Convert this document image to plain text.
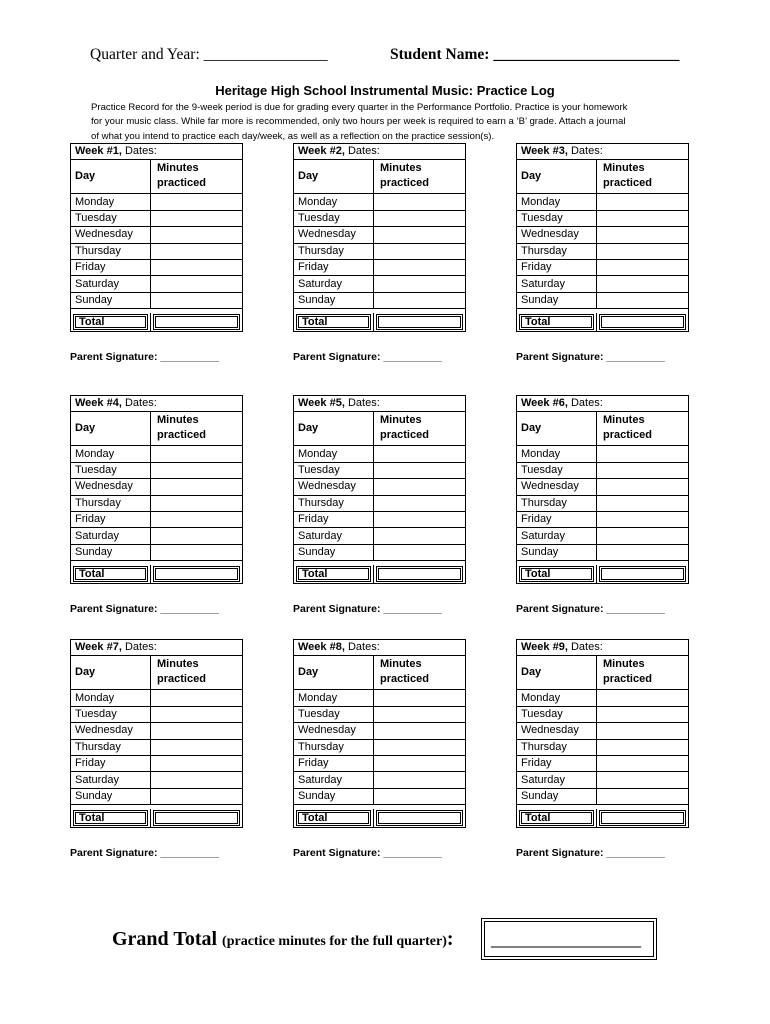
Quarter and Year: ________________	Student Name: ________________________
Heritage High School Instrumental Music: Practice Log
Practice Record for the 9-week period is due for grading every quarter in the Performance Portfolio. Practice is your homework
for your music class. While far more is recommended, only two hours per week is required to earn a ‘B’ grade. Attach a journal
of what you intend to practice each day/week, as well as a reflection on the practice session(s).
Week #1, Dates:	
Day	Minutes
practiced

Monday	
Tuesday	
Wednesday	
Thursday	
Friday	
Saturday	
Sunday	

Total	

Parent Signature: __________
Week #2, Dates:	
Day	Minutes
practiced

Monday	
Tuesday	
Wednesday	
Thursday	
Friday	
Saturday	
Sunday	

Total	

Parent Signature: __________
Week #3, Dates:	
Day	Minutes
practiced

Monday	
Tuesday	
Wednesday	
Thursday	
Friday	
Saturday	
Sunday	

Total	

Parent Signature: __________
Week #4, Dates:	
Day	Minutes
practiced

Monday	
Tuesday	
Wednesday	
Thursday	
Friday	
Saturday	
Sunday	

Total	

Parent Signature: __________
Week #5, Dates:	
Day	Minutes
practiced

Monday	
Tuesday	
Wednesday	
Thursday	
Friday	
Saturday	
Sunday	

Total	

Parent Signature: __________
Week #6, Dates:	
Day	Minutes
practiced

Monday	
Tuesday	
Wednesday	
Thursday	
Friday	
Saturday	
Sunday	

Total	

Parent Signature: __________
Week #7, Dates:	
Day	Minutes
practiced

Monday	
Tuesday	
Wednesday	
Thursday	
Friday	
Saturday	
Sunday	

Total	

Parent Signature: __________
Week #8, Dates:	
Day	Minutes
practiced

Monday	
Tuesday	
Wednesday	
Thursday	
Friday	
Saturday	
Sunday	

Total	

Parent Signature: __________
Week #9, Dates:	
Day	Minutes
practiced

Monday	
Tuesday	
Wednesday	
Thursday	
Friday	
Saturday	
Sunday	

Total	

Parent Signature: __________
Grand Total (practice minutes for the full quarter): _______________
